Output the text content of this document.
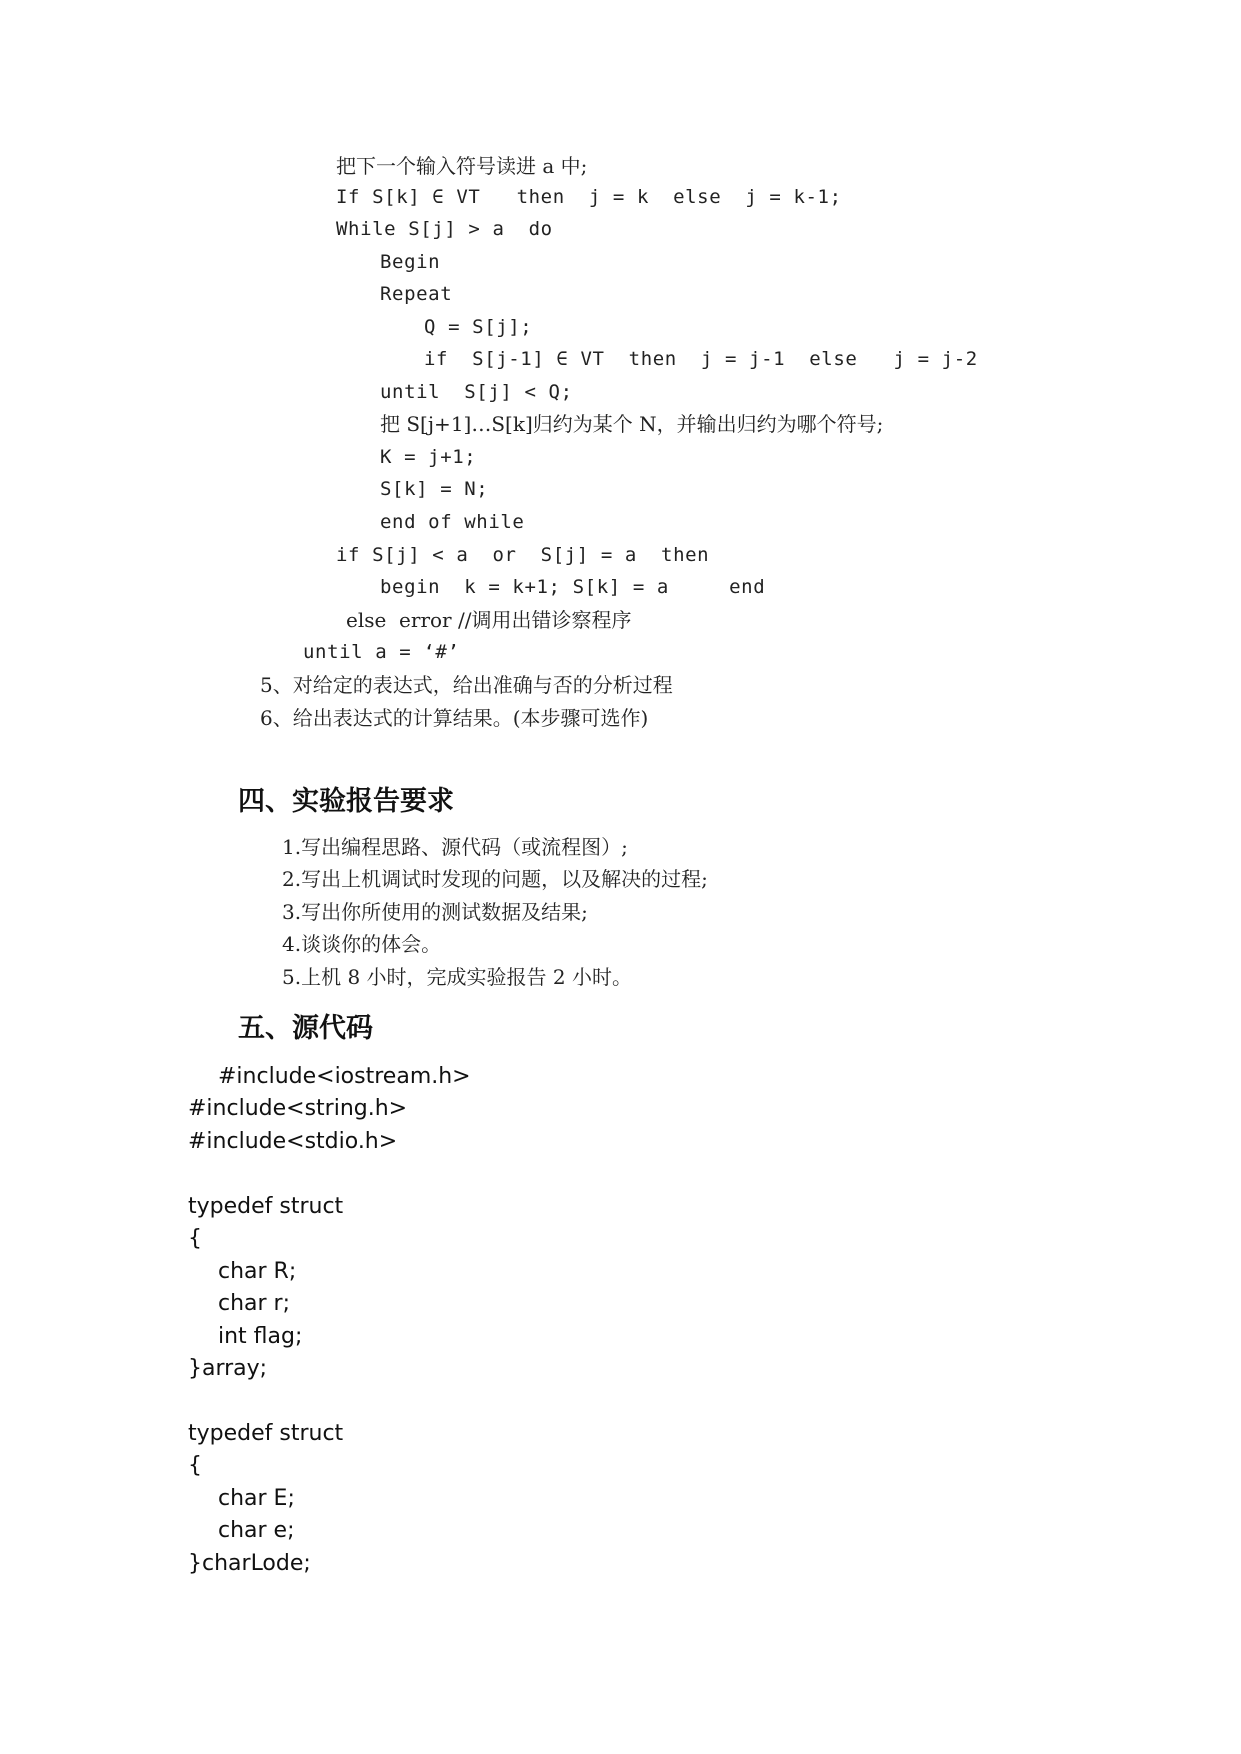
把下一个输入符号读进 a 中;
If S[k] ∈ VT   then  j = k  else  j = k-1;
While S[j] > a  do
Begin
Repeat
Q = S[j];
if  S[j-1] ∈ VT  then  j = j-1  else   j = j-2
until  S[j] < Q;
把 S[j+1]…S[k]归约为某个 N，并输出归约为哪个符号;
K = j+1;
S[k] = N;
end of while
if S[j] < a  or  S[j] = a  then
begin  k = k+1; S[k] = a     end
else  error //调用出错诊察程序
until a = ‘#’
5、对给定的表达式，给出准确与否的分析过程
6、给出表达式的计算结果。(本步骤可选作)
四、实验报告要求
1.写出编程思路、源代码（或流程图）;
2.写出上机调试时发现的问题，以及解决的过程;
3.写出你所使用的测试数据及结果;
4.谈谈你的体会。
5.上机 8 小时，完成实验报告 2 小时。
五、源代码
#include<iostream.h>
#include<string.h>
#include<stdio.h>
typedef struct
{
char R;
char r;
int flag;
}array;
typedef struct
{
char E;
char e;
}charLode;
